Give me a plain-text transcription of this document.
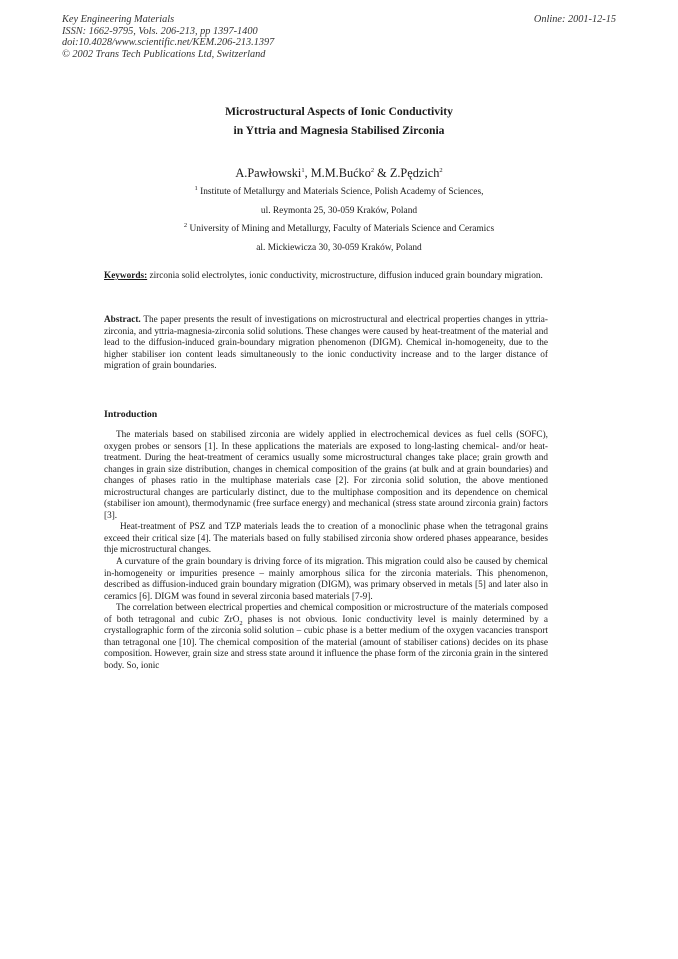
Key Engineering Materials
ISSN: 1662-9795, Vols. 206-213, pp 1397-1400
doi:10.4028/www.scientific.net/KEM.206-213.1397
© 2002 Trans Tech Publications Ltd, Switzerland
Online: 2001-12-15
Microstructural Aspects of Ionic Conductivity
in Yttria and Magnesia Stabilised Zirconia
A.Pawłowski$^1$, M.M.Bućko$^2$ & Z.Pędzich$^2$
$^1$ Institute of Metallurgy and Materials Science, Polish Academy of Sciences,
ul. Reymonta 25, 30-059 Kraków, Poland
$^2$ University of Mining and Metallurgy, Faculty of Materials Science and Ceramics
al. Mickiewicza 30, 30-059 Kraków, Poland
Keywords: zirconia solid electrolytes, ionic conductivity, microstructure, diffusion induced grain boundary migration.
Abstract. The paper presents the result of investigations on microstructural and electrical properties changes in yttria-zirconia, and yttria-magnesia-zirconia solid solutions. These changes were caused by heat-treatment of the material and lead to the diffusion-induced grain-boundary migration phenomenon (DIGM). Chemical in-homogeneity, due to the higher stabiliser ion content leads simultaneously to the ionic conductivity increase and to the larger distance of migration of grain boundaries.
Introduction

The materials based on stabilised zirconia are widely applied in electrochemical devices as fuel cells (SOFC), oxygen probes or sensors [1]. In these applications the materials are exposed to long-lasting chemical- and/or heat-treatment. During the heat-treatment of ceramics usually some microstructural changes take place; grain growth and changes in grain size distribution, changes in chemical composition of the grains (at bulk and at grain boundaries) and changes of phases ratio in the multiphase materials case [2]. For zirconia solid solution, the above mentioned microstructural changes are particularly distinct, due to the multiphase composition and its dependence on chemical (stabiliser ion amount), thermodynamic (free surface energy) and mechanical (stress state around zirconia grain) factors [3].

Heat-treatment of PSZ and TZP materials leads the to creation of a monoclinic phase when the tetragonal grains exceed their critical size [4]. The materials based on fully stabilised zirconia show ordered phases appearance, besides thje microstructural changes.

A curvature of the grain boundary is driving force of its migration. This migration could also be caused by chemical in-homogeneity or impurities presence – mainly amorphous silica for the zirconia materials. This phenomenon, described as diffusion-induced grain boundary migration (DIGM), was primary observed in metals [5] and later also in ceramics [6]. DIGM was found in several zirconia based materials [7-9].

The correlation between electrical properties and chemical composition or microstructure of the materials composed of both tetragonal and cubic ZrO$_2$ phases is not obvious. Ionic conductivity level is mainly determined by a crystallographic form of the zirconia solid solution – cubic phase is a better medium of the oxygen vacancies transport than tetragonal one [10]. The chemical composition of the material (amount of stabiliser cations) decides on its phase composition. However, grain size and stress state around it influence the phase form of the zirconia grain in the sintered body. So, ionic
